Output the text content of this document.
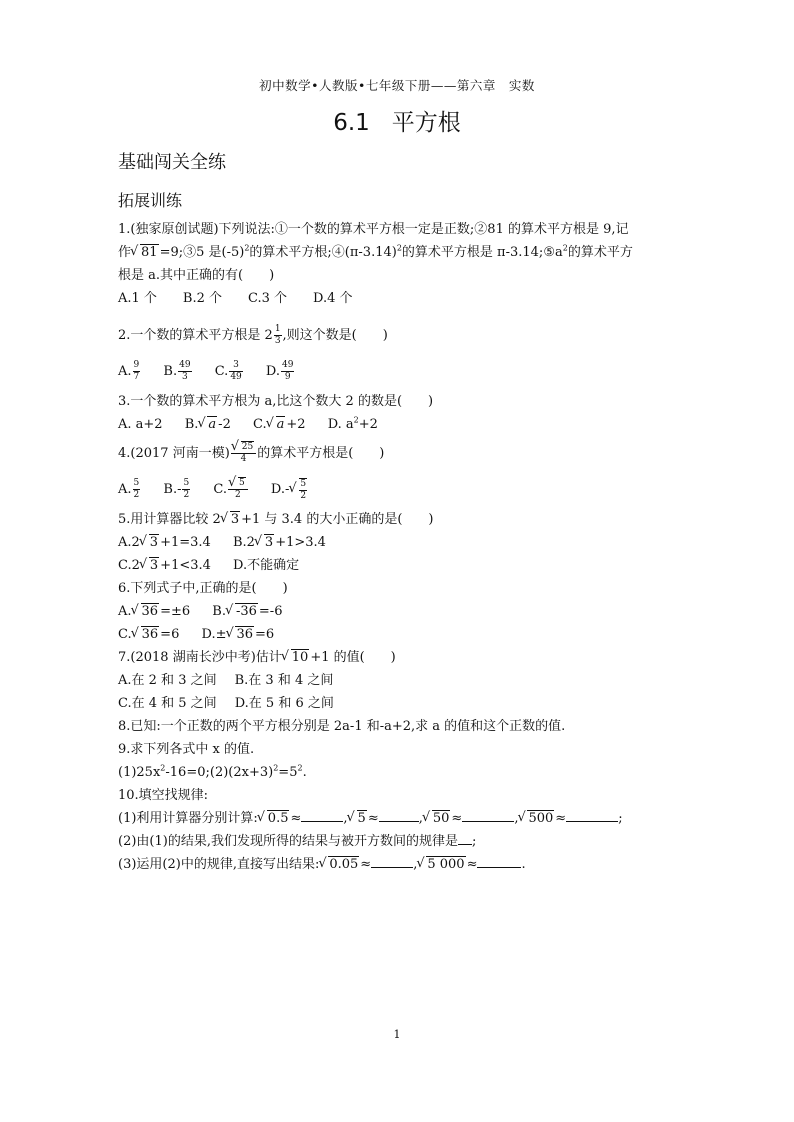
初中数学•人教版•七年级下册——第六章　实数
6.1 平方根
基础闯关全练
拓展训练
1.(独家原创试题)下列说法:①一个数的算术平方根一定是正数;②81 的算术平方根是 9,记
作 √ 81 =9;③5 是$(-5)^2$的算术平方根$;④(\pi-3.14)^2$的算术平方根是 $\pi-3.14;⑤a^2$的算术平方
根是 a.其中正确的有(　　)
A.1 个　　B.2 个　　C.3 个　　D.4 个
2.一个数的算术平方根是 $2 \frac{1}{3}$ ,则这个数是(　　)
A. $\frac{9}{7} B$. $\frac{49}{3} C$. $\frac{3}{49} D$. $\frac{49}{9}$
3.一个数的算术平方根为 a,比这个数大 2 的数是(　　)
A. a+2 B. √ a -2 C. √ a +2 D. $a^2+2$
4.(2017 河南一模) √ $\frac{25}{4}$ 的算术平方根是(　　)
A. $\frac{5}{2} B.- \frac{5}{2} C$. √ $\frac{5}{2} D.-$ √ $\frac{5}{2}$
5.用计算器比较 2 √ 3 +1 与 3.4 的大小正确的是(　　)
A.2 √ 3 +1=3.4 B.2 √ 3 +1>3.4
C.2 √ 3 +1<3.4 D.不能确定
6.下列式子中,正确的是(　　)
A. √ 36 =±6 B. √ -36 =-6
C. √ 36 =6 D.± √ 36 =6
7.(2018 湖南长沙中考)估计 √ 10 +1 的值(　　)
A.在 2 和 3 之间 B.在 3 和 4 之间
C.在 4 和 5 之间 D.在 5 和 6 之间
8.已知:一个正数的两个平方根分别是 2a-1 和-a+2,求 a 的值和这个正数的值.
9.求下列各式中 x 的值.
$(1)25x^2-16=0;(2)(2x+3)^2=5^2$.
10.填空找规律:
(1)利用计算器分别计算: √ 0.5 ≈	, √ 5 ≈	, √ 50 ≈	, √ 500 ≈	;
(2)由(1)的结果,我们发现所得的结果与被开方数间的规律是 ;
(3)运用(2)中的规律,直接写出结果: √ 0.05 ≈	, √ 5 000 ≈	.
1
